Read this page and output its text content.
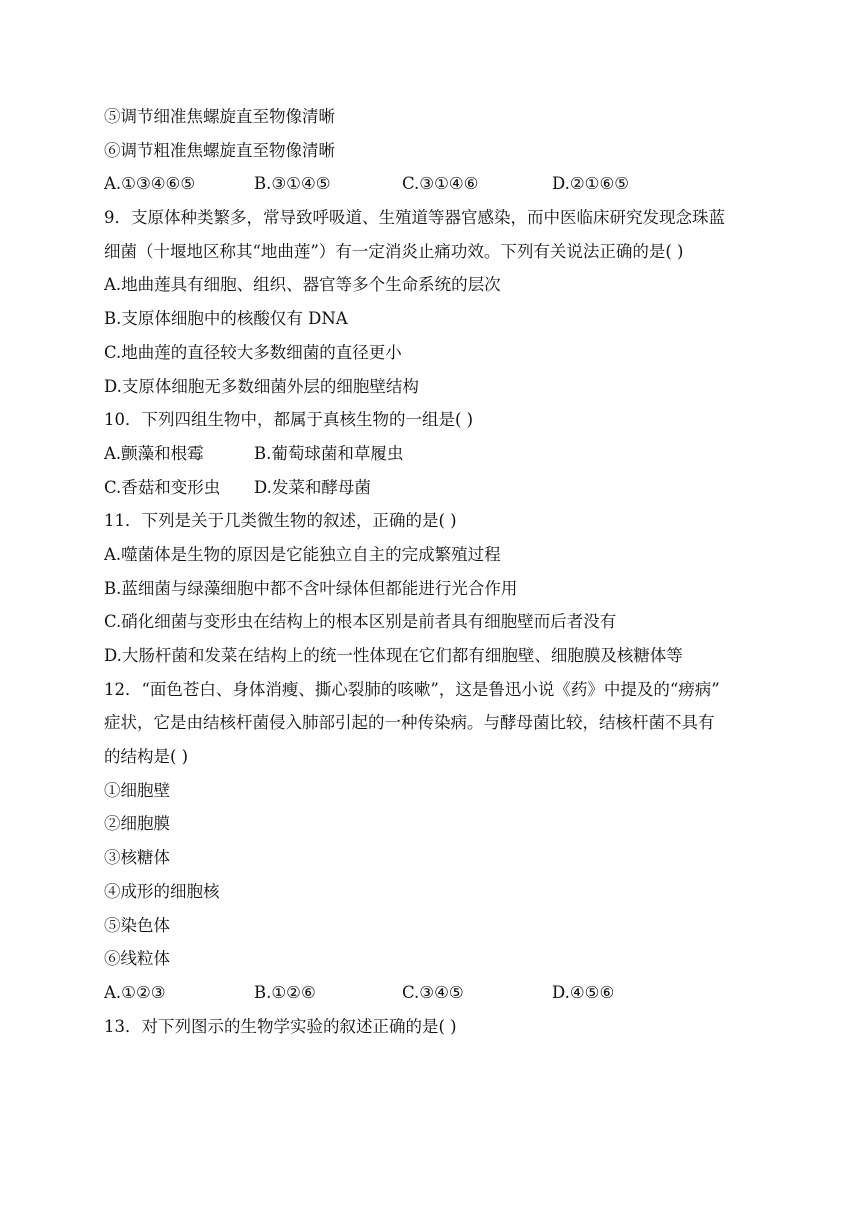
⑤调节细准焦螺旋直至物像清晰
⑥调节粗准焦螺旋直至物像清晰
A.①③④⑥⑤	B.③①④⑤	C.③①④⑥	D.②①⑥⑤
9．支原体种类繁多，常导致呼吸道、生殖道等器官感染，而中医临床研究发现念珠蓝
细菌（十堰地区称其“地曲莲”）有一定消炎止痛功效。下列有关说法正确的是( )
A.地曲莲具有细胞、组织、器官等多个生命系统的层次
B.支原体细胞中的核酸仅有 DNA
C.地曲莲的直径较大多数细菌的直径更小
D.支原体细胞无多数细菌外层的细胞壁结构
10．下列四组生物中，都属于真核生物的一组是( )
A.颤藻和根霉	B.葡萄球菌和草履虫
C.香菇和变形虫	D.发菜和酵母菌
11．下列是关于几类微生物的叙述，正确的是( )
A.噬菌体是生物的原因是它能独立自主的完成繁殖过程
B.蓝细菌与绿藻细胞中都不含叶绿体但都能进行光合作用
C.硝化细菌与变形虫在结构上的根本区别是前者具有细胞壁而后者没有
D.大肠杆菌和发菜在结构上的统一性体现在它们都有细胞壁、细胞膜及核糖体等
12．“面色苍白、身体消瘦、撕心裂肺的咳嗽”，这是鲁迅小说《药》中提及的“痨病”
症状，它是由结核杆菌侵入肺部引起的一种传染病。与酵母菌比较，结核杆菌不具有
的结构是( )
①细胞壁
②细胞膜
③核糖体
④成形的细胞核
⑤染色体
⑥线粒体
A.①②③	B.①②⑥	C.③④⑤	D.④⑤⑥
13．对下列图示的生物学实验的叙述正确的是( )
